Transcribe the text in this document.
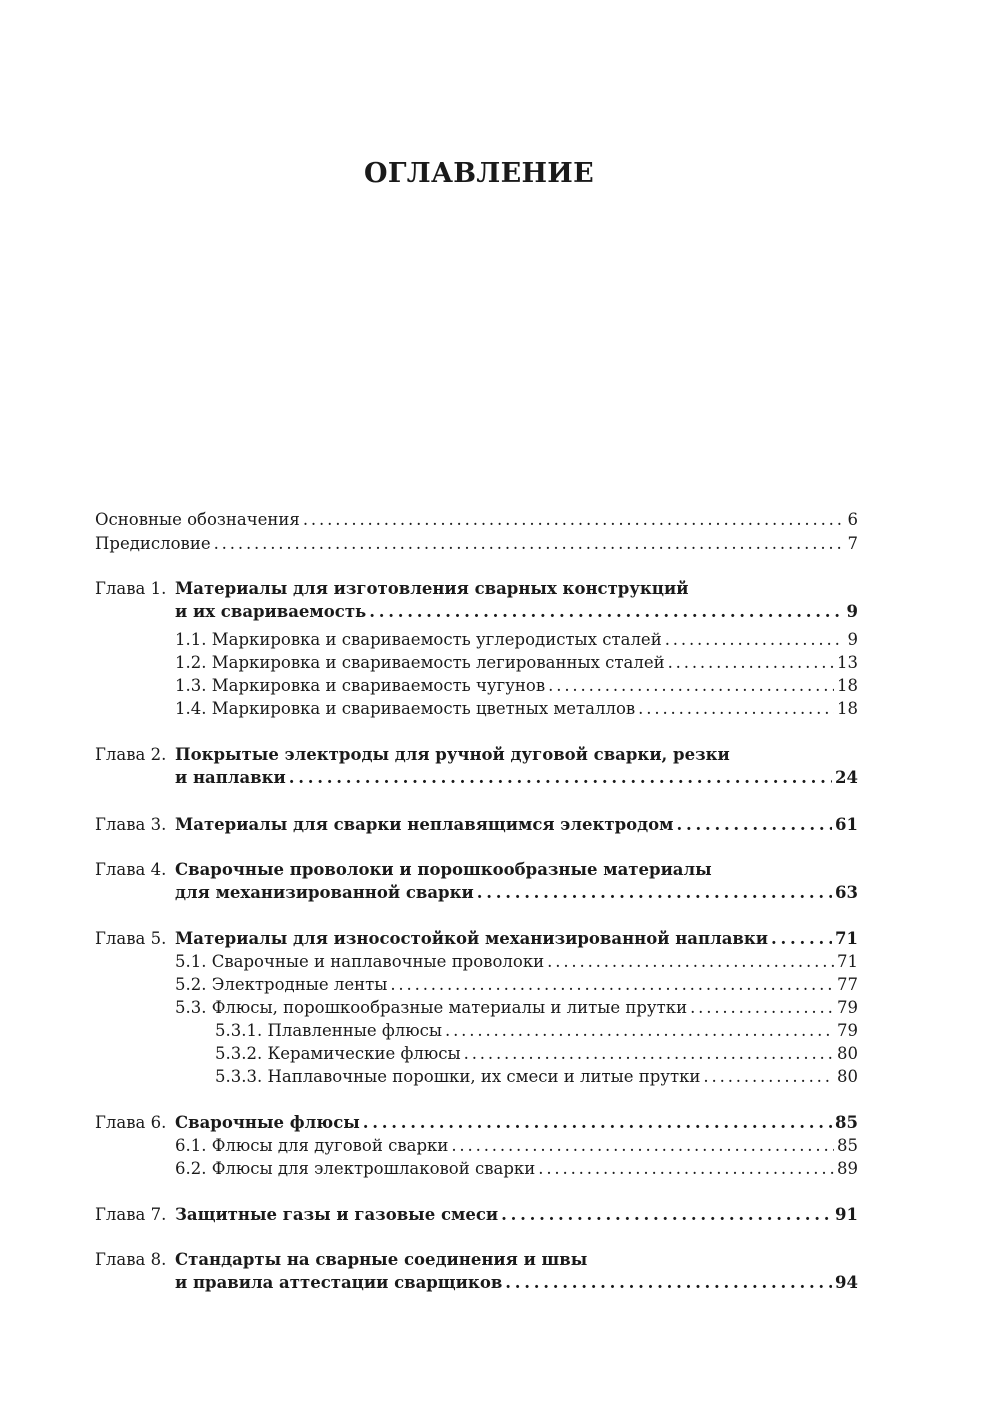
ОГЛАВЛЕНИЕ
Основные обозначения . . .	6
Предисловие . . .	7
Глава 1. Материалы для изготовления сварных конструкций
и их свариваемость . . .	9
1.1. Маркировка и свариваемость углеродистых сталей . . .	9
1.2. Маркировка и свариваемость легированных сталей . . .	13
1.3. Маркировка и свариваемость чугунов . . .	18
1.4. Маркировка и свариваемость цветных металлов . . .	18
Глава 2. Покрытые электроды для ручной дуговой сварки, резки
и наплавки . . .	24
Глава 3. Материалы для сварки неплавящимся электродом . . .	61
Глава 4. Сварочные проволоки и порошкообразные материалы
для механизированной сварки . . .	63
Глава 5. Материалы для износостойкой механизированной наплавки . . .	71
5.1. Сварочные и наплавочные проволоки . . .	71
5.2. Электродные ленты . . .	77
5.3. Флюсы, порошкообразные материалы и литые прутки . . .	79
5.3.1. Плавленные флюсы . . .	79
5.3.2. Керамические флюсы . . .	80
5.3.3. Наплавочные порошки, их смеси и литые прутки . . .	80
Глава 6. Сварочные флюсы . . .	85
6.1. Флюсы для дуговой сварки . . .	85
6.2. Флюсы для электрошлаковой сварки . . .	89
Глава 7. Защитные газы и газовые смеси . . .	91
Глава 8. Стандарты на сварные соединения и швы
и правила аттестации сварщиков . . .	94
